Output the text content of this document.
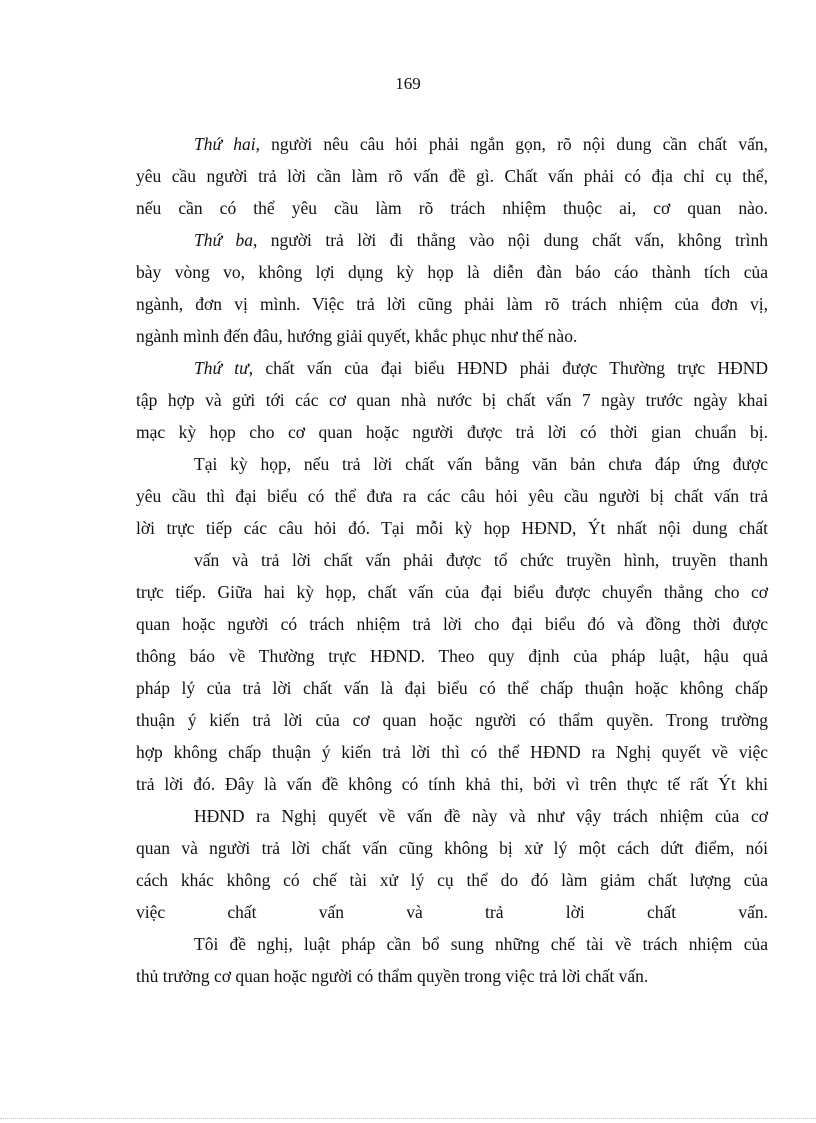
169
Thứ hai, người nêu câu hỏi phải ngắn gọn, rõ nội dung cần chất vấn,
yêu cầu người trả lời cần làm rõ vấn đề gì. Chất vấn phải có địa chỉ cụ thể,
nếu cần có thể yêu cầu làm rõ trách nhiệm thuộc ai, cơ quan nào.
Thứ ba, người trả lời đi thẳng vào nội dung chất vấn, không trình
bày vòng vo, không lợi dụng kỳ họp là diễn đàn báo cáo thành tích của
ngành, đơn vị mình. Việc trả lời cũng phải làm rõ trách nhiệm của đơn vị,
ngành mình đến đâu, hướng giải quyết, khắc phục như thế nào.
Thứ tư, chất vấn của đại biểu HĐND phải được Thường trực HĐND
tập hợp và gửi tới các cơ quan nhà nước bị chất vấn 7 ngày trước ngày khai
mạc kỳ họp cho cơ quan hoặc người được trả lời có thời gian chuẩn bị.
Tại kỳ họp, nếu trả lời chất vấn bằng văn bản chưa đáp ứng được
yêu cầu thì đại biểu có thể đưa ra các câu hỏi yêu cầu người bị chất vấn trả
lời trực tiếp các câu hỏi đó. Tại mỗi kỳ họp HĐND, Ýt nhất nội dung chất
vấn và trả lời chất vấn phải được tổ chức truyền hình, truyền thanh
trực tiếp. Giữa hai kỳ họp, chất vấn của đại biểu được chuyển thẳng cho cơ
quan hoặc người có trách nhiệm trả lời cho đại biểu đó và đồng thời được
thông báo về Thường trực HĐND. Theo quy định của pháp luật, hậu quả
pháp lý của trả lời chất vấn là đại biểu có thể chấp thuận hoặc không chấp
thuận ý kiến trả lời của cơ quan hoặc người có thẩm quyền. Trong trường
hợp không chấp thuận ý kiến trả lời thì có thể HĐND ra Nghị quyết về việc
trả lời đó. Đây là vấn đề không có tính khả thi, bởi vì trên thực tế rất Ýt khi
HĐND ra Nghị quyết về vấn đề này và như vậy trách nhiệm của cơ
quan và người trả lời chất vấn cũng không bị xử lý một cách dứt điểm, nói
cách khác không có chế tài xử lý cụ thể do đó làm giảm chất lượng của
việc chất vấn và trả lời chất vấn.
Tôi đề nghị, luật pháp cần bổ sung những chế tài về trách nhiệm của
thủ trưởng cơ quan hoặc người có thẩm quyền trong việc trả lời chất vấn.
